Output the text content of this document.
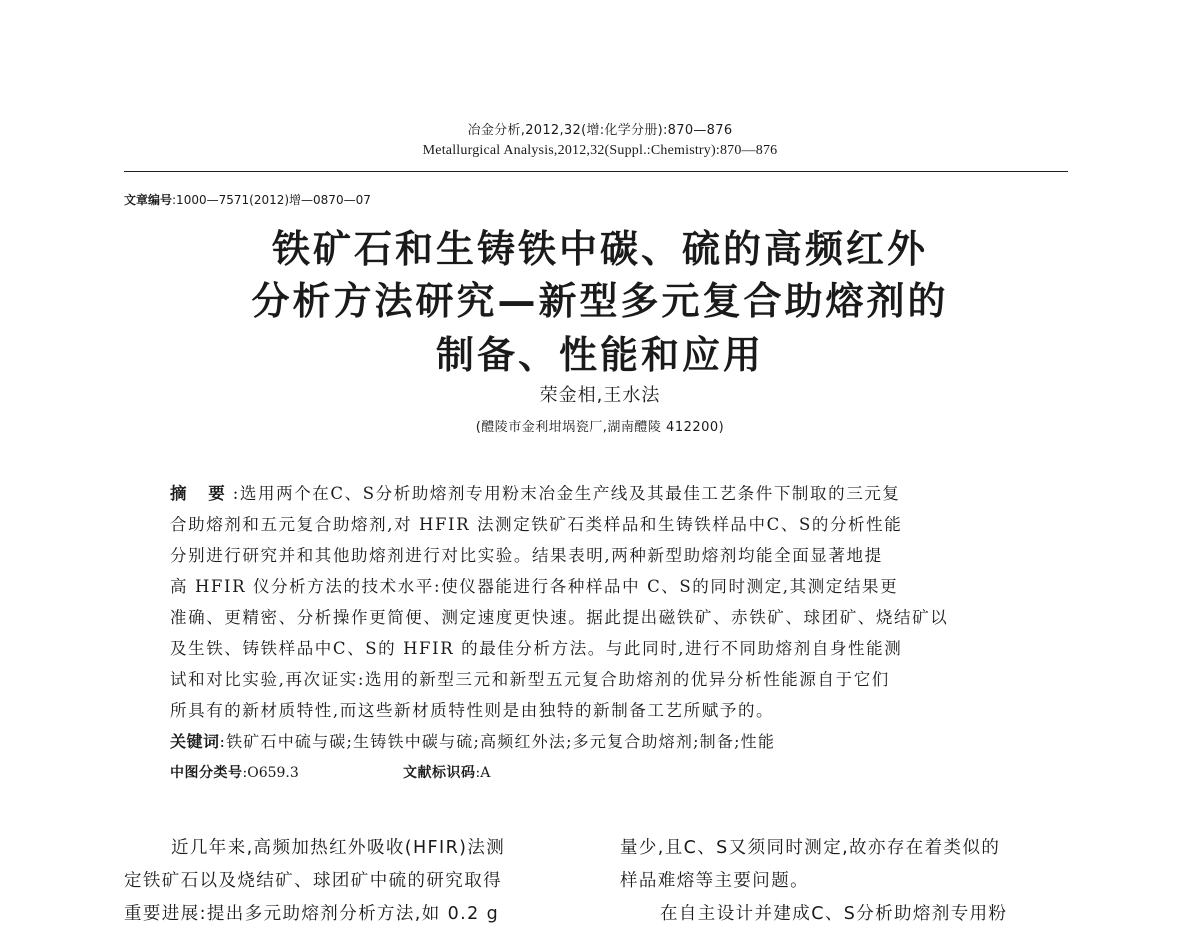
冶金分析,2012,32(增:化学分册):870—876
Metallurgical Analysis,2012,32(Suppl.:Chemistry):870—876
文章编号:1000—7571(2012)增—0870—07
铁矿石和生铸铁中碳、硫的高频红外
分析方法研究—新型多元复合助熔剂的
制备、性能和应用
荣金相,王水法
(醴陵市金利坩埚瓷厂,湖南醴陵 412200)
摘 要:选用两个在C、S分析助熔剂专用粉末冶金生产线及其最佳工艺条件下制取的三元复
合助熔剂和五元复合助熔剂,对 HFIR 法测定铁矿石类样品和生铸铁样品中C、S的分析性能
分别进行研究并和其他助熔剂进行对比实验。结果表明,两种新型助熔剂均能全面显著地提
高 HFIR 仪分析方法的技术水平:使仪器能进行各种样品中 C、S的同时测定,其测定结果更
准确、更精密、分析操作更简便、测定速度更快速。据此提出磁铁矿、赤铁矿、球团矿、烧结矿以
及生铁、铸铁样品中C、S的 HFIR 的最佳分析方法。与此同时,进行不同助熔剂自身性能测
试和对比实验,再次证实:选用的新型三元和新型五元复合助熔剂的优异分析性能源自于它们
所具有的新材质特性,而这些新材质特性则是由独特的新制备工艺所赋予的。
关键词:铁矿石中硫与碳;生铸铁中碳与硫;高频红外法;多元复合助熔剂;制备;性能
中图分类号:O659.3	文献标识码:A
近几年来,高频加热红外吸收(HFIR)法测
定铁矿石以及烧结矿、球团矿中硫的研究取得
重要进展:提出多元助熔剂分析方法,如 0.2 g
量少,且C、S又须同时测定,故亦存在着类似的
样品难熔等主要问题。
在自主设计并建成C、S分析助熔剂专用粉
